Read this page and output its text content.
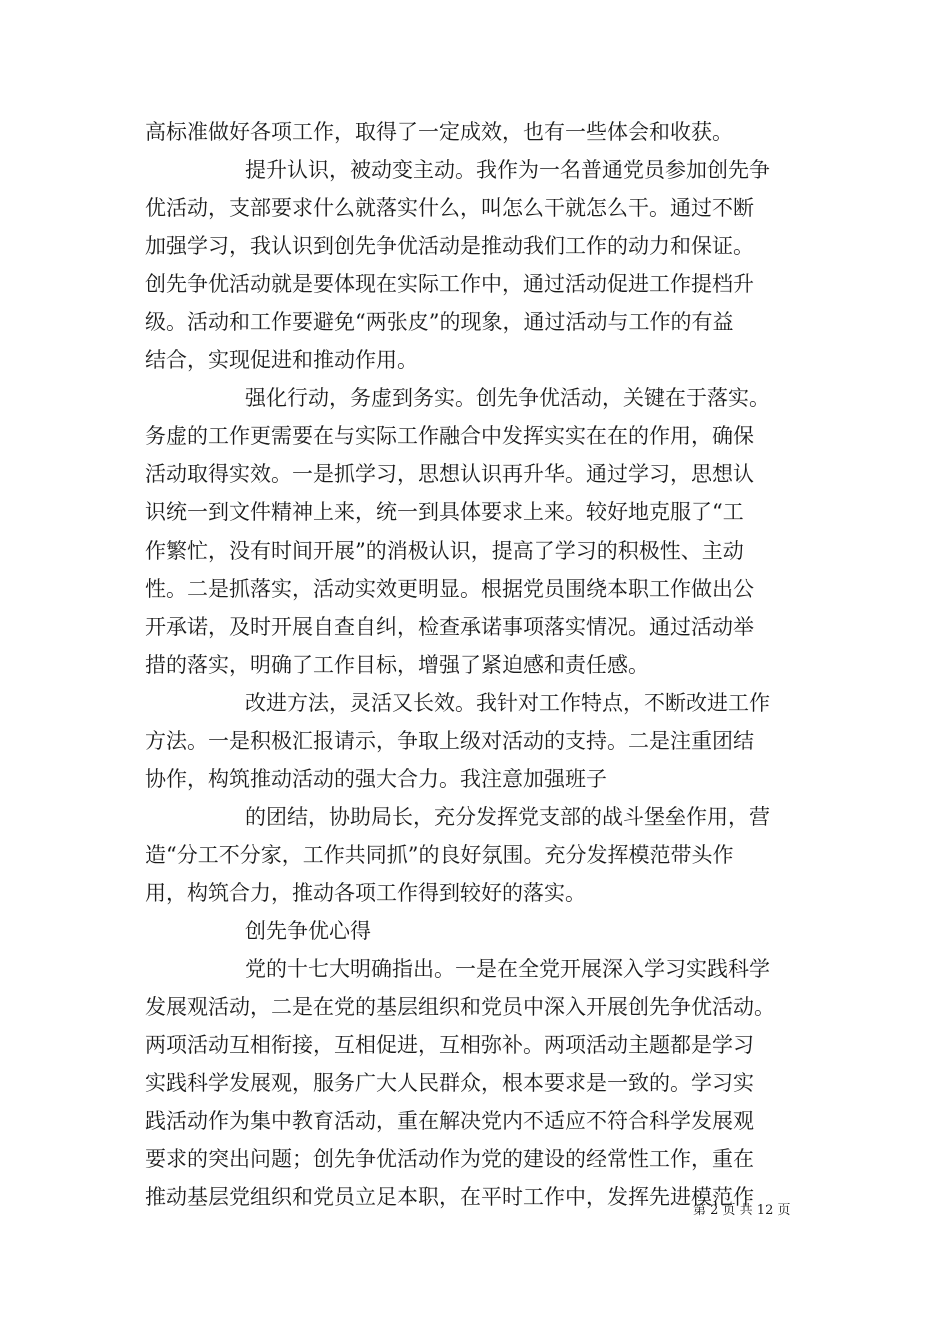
高标准做好各项工作，取得了一定成效，也有一些体会和收获。
提升认识，被动变主动。我作为一名普通党员参加创先争
优活动，支部要求什么就落实什么，叫怎么干就怎么干。通过不断
加强学习，我认识到创先争优活动是推动我们工作的动力和保证。
创先争优活动就是要体现在实际工作中，通过活动促进工作提档升
级。活动和工作要避免“两张皮”的现象，通过活动与工作的有益
结合，实现促进和推动作用。
强化行动，务虚到务实。创先争优活动，关键在于落实。
务虚的工作更需要在与实际工作融合中发挥实实在在的作用，确保
活动取得实效。一是抓学习，思想认识再升华。通过学习，思想认
识统一到文件精神上来，统一到具体要求上来。较好地克服了“工
作繁忙，没有时间开展”的消极认识，提高了学习的积极性、主动
性。二是抓落实，活动实效更明显。根据党员围绕本职工作做出公
开承诺，及时开展自查自纠，检查承诺事项落实情况。通过活动举
措的落实，明确了工作目标，增强了紧迫感和责任感。
改进方法，灵活又长效。我针对工作特点，不断改进工作
方法。一是积极汇报请示，争取上级对活动的支持。二是注重团结
协作，构筑推动活动的强大合力。我注意加强班子
的团结，协助局长，充分发挥党支部的战斗堡垒作用，营
造“分工不分家，工作共同抓”的良好氛围。充分发挥模范带头作
用，构筑合力，推动各项工作得到较好的落实。
创先争优心得
党的十七大明确指出。一是在全党开展深入学习实践科学
发展观活动，二是在党的基层组织和党员中深入开展创先争优活动。
两项活动互相衔接，互相促进，互相弥补。两项活动主题都是学习
实践科学发展观，服务广大人民群众，根本要求是一致的。学习实
践活动作为集中教育活动，重在解决党内不适应不符合科学发展观
要求的突出问题；创先争优活动作为党的建设的经常性工作，重在
推动基层党组织和党员立足本职，在平时工作中，发挥先进模范作
第 2 页 共 12 页
